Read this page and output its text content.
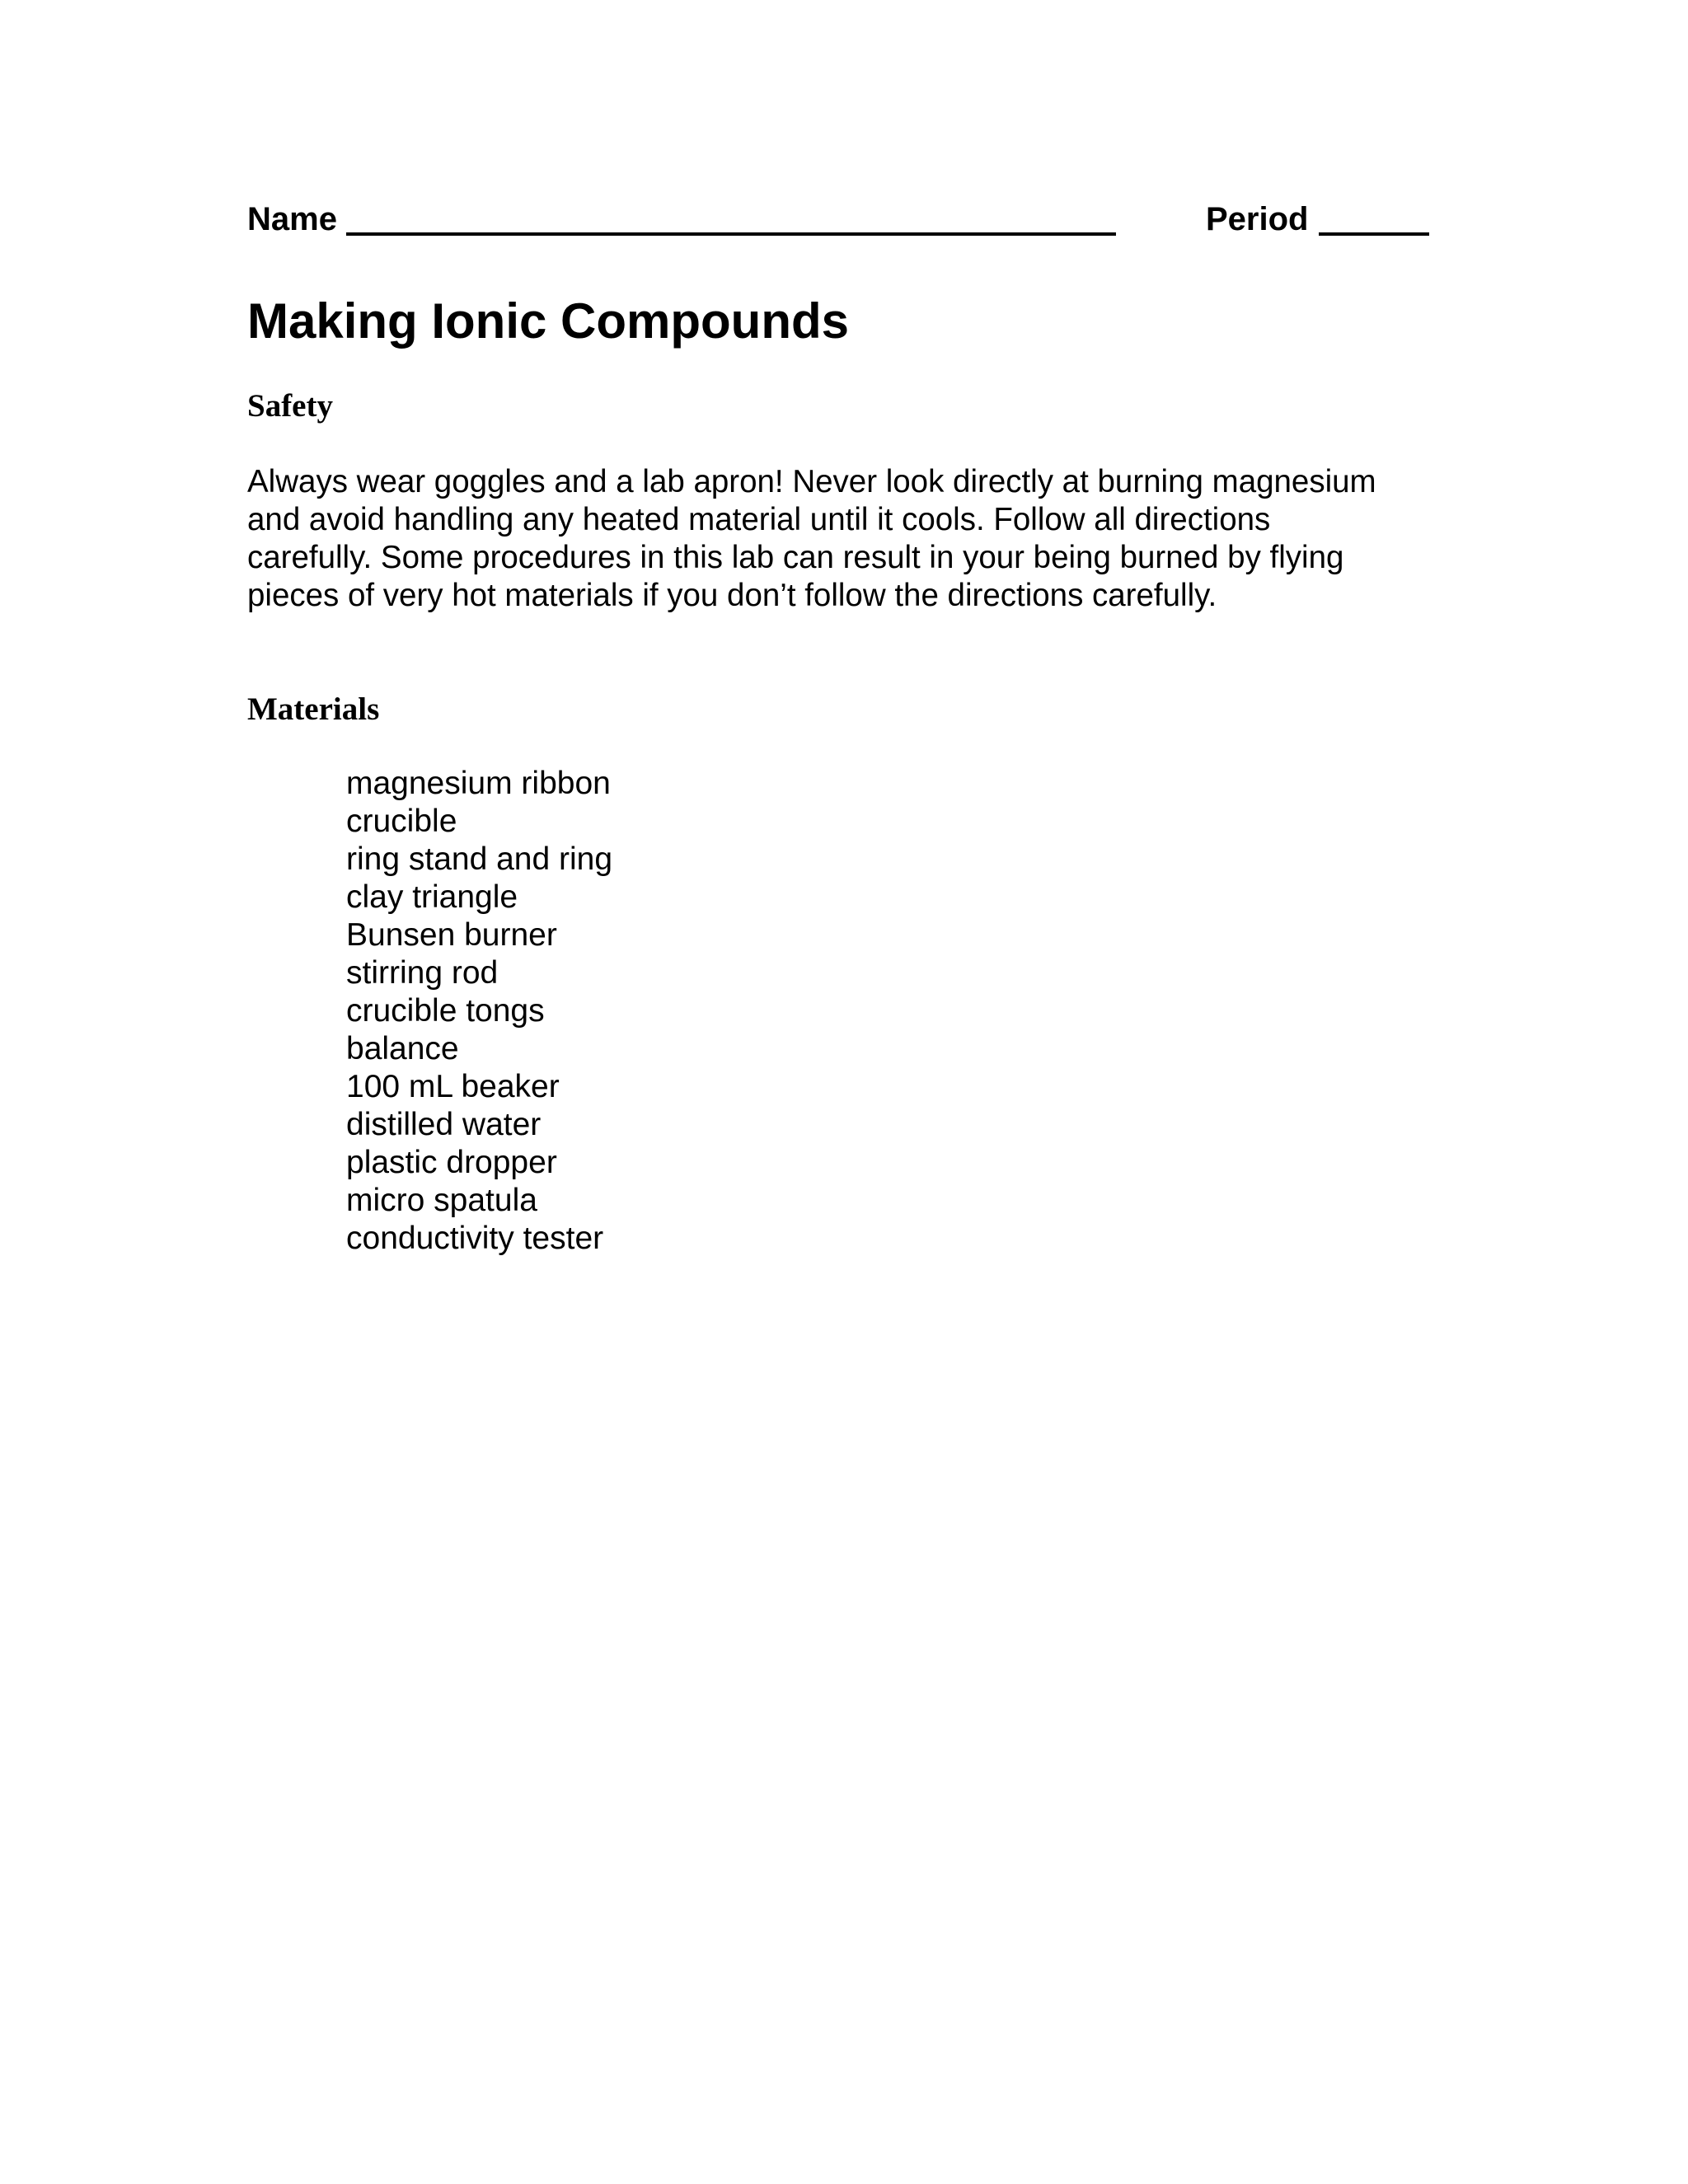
Name	Period
Making Ionic Compounds
Safety

Always wear goggles and a lab apron! Never look directly at burning magnesium
and avoid handling any heated material until it cools. Follow all directions
carefully. Some procedures in this lab can result in your being burned by flying
pieces of very hot materials if you don’t follow the directions carefully.

Materials
magnesium ribbon
crucible
ring stand and ring
clay triangle
Bunsen burner
stirring rod
crucible tongs
balance
100 mL beaker
distilled water
plastic dropper
micro spatula
conductivity tester
